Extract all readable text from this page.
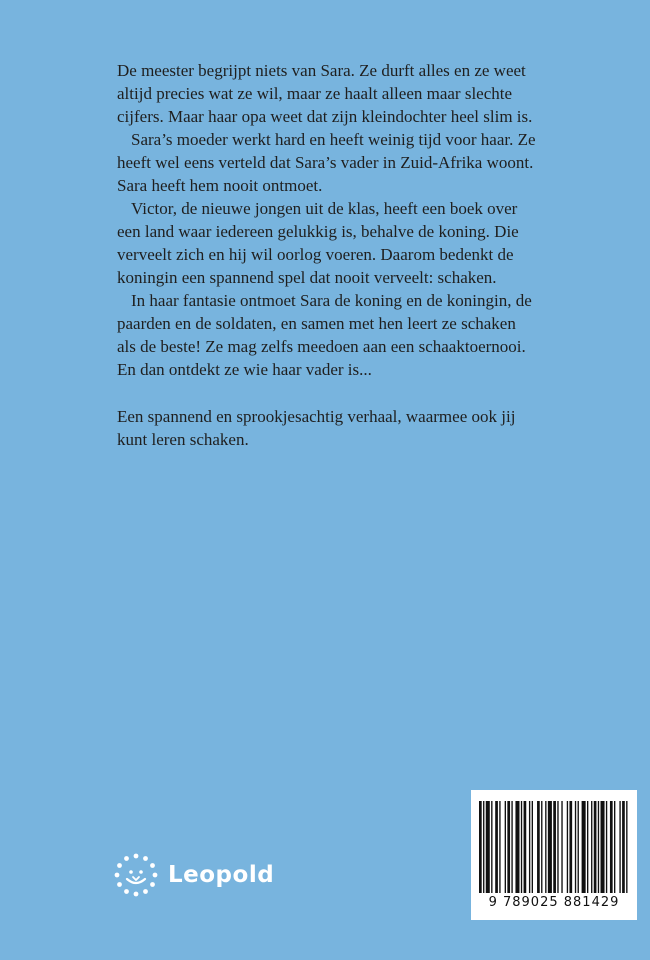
De meester begrijpt niets van Sara. Ze durft alles en ze weet altijd precies wat ze wil, maar ze haalt alleen maar slechte cijfers. Maar haar opa weet dat zijn kleindochter heel slim is.

Sara’s moeder werkt hard en heeft weinig tijd voor haar. Ze heeft wel eens verteld dat Sara’s vader in Zuid-Afrika woont. Sara heeft hem nooit ontmoet.

Victor, de nieuwe jongen uit de klas, heeft een boek over een land waar iedereen gelukkig is, behalve de koning. Die verveelt zich en hij wil oorlog voeren. Daarom bedenkt de koningin een spannend spel dat nooit verveelt: schaken.

In haar fantasie ontmoet Sara de koning en de koningin, de paarden en de soldaten, en samen met hen leert ze schaken als de beste! Ze mag zelfs meedoen aan een schaaktoernooi. En dan ontdekt ze wie haar vader is...

Een spannend en sprookjesachtig verhaal, waarmee ook jij kunt leren schaken.

Leopold
9 789025 881429
